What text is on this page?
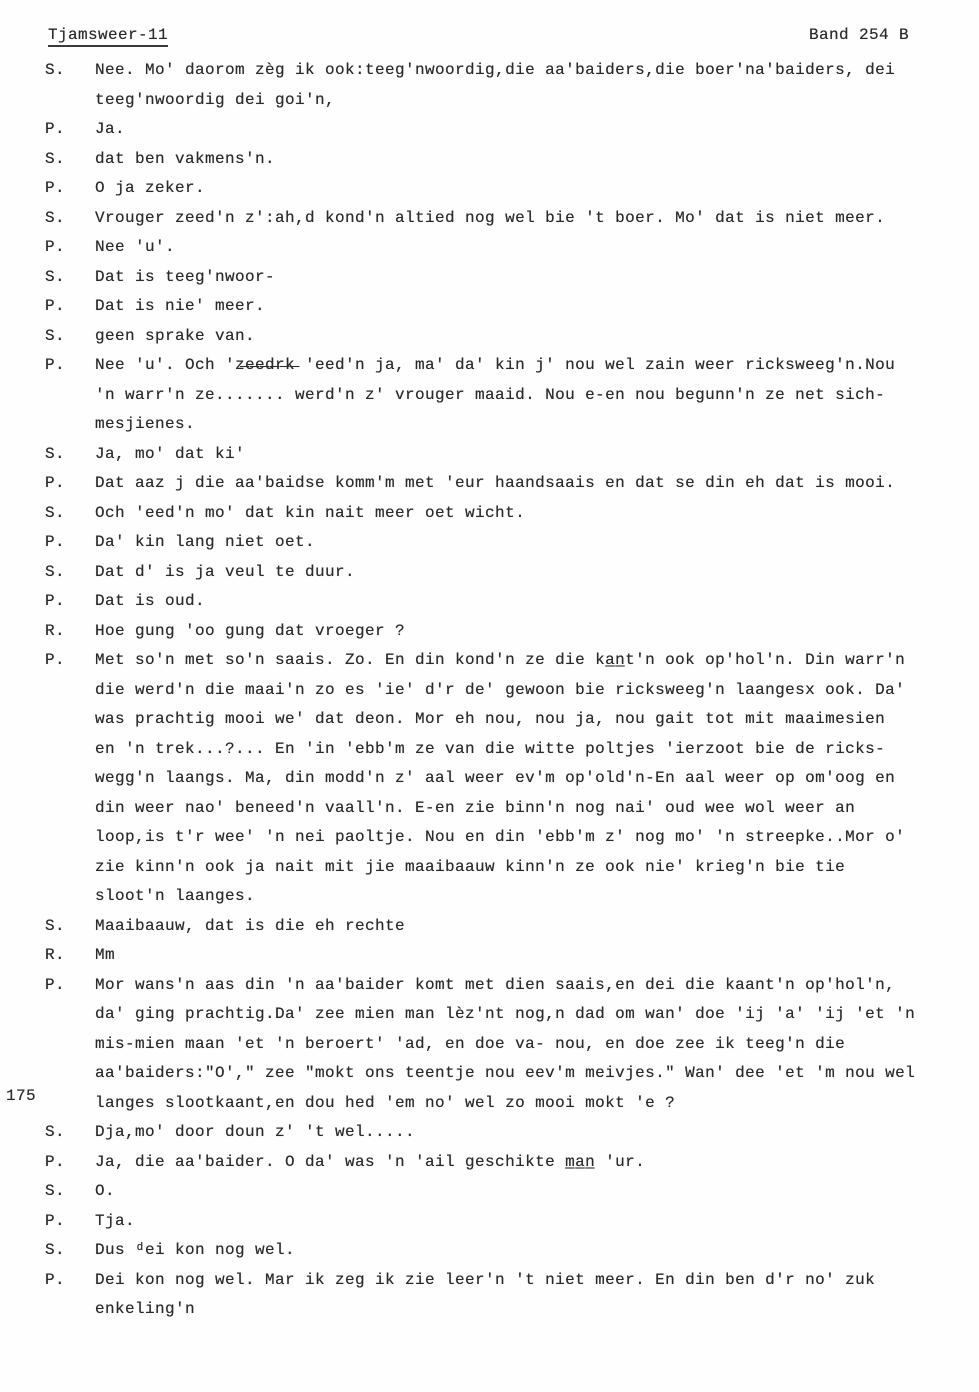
Tjamsweer-11	Band 254 B
175
S.	Nee. Mo' daorom zèg ik ook:teeg'nwoordig,die aa'baiders,die boer'na'baiders, dei
teeg'nwoordig dei goi'n,
P.	Ja.
S.	dat ben vakmens'n.
P.	O ja zeker.
S.	Vrouger zeed'n z':ah,d kond'n altied nog wel bie 't boer. Mo' dat is niet meer.
P.	Nee 'u'.
S.	Dat is teeg'nwoor-
P.	Dat is nie' meer.
S.	geen sprake van.
P.	Nee 'u'. Och 'z̶e̶e̶d̶r̶k̶ 'eed'n ja, ma' da' kin j' nou wel zain weer ricksweeg'n.Nou
'n warr'n ze....... werd'n z' vrouger maaid. Nou e-en nou begunn'n ze net sich-
mesjienes.
S.	Ja, mo' dat ki'
P.	Dat aaz j die aa'baidse komm'm met 'eur haandsaais en dat se din eh dat is mooi.
S.	Och 'eed'n mo' dat kin nait meer oet wicht.
P.	Da' kin lang niet oet.
S.	Dat d' is ja veul te duur.
P.	Dat is oud.
R.	Hoe gung 'oo gung dat vroeger ?
P.	Met so'n met so'n saais. Zo. En din kond'n ze die ka̲n̲t'n ook op'hol'n. Din warr'n
die werd'n die maai'n zo es 'ie' d'r de' gewoon bie ricksweeg'n laangesx ook. Da'
was prachtig mooi we' dat deon. Mor eh nou, nou ja, nou gait tot mit maaimesien
en 'n trek...?... En 'in 'ebb'm ze van die witte poltjes 'ierzoot bie de ricks-
wegg'n laangs. Ma, din modd'n z' aal weer ev'm op'old'n-En aal weer op om'oog en
din weer nao' beneed'n vaall'n. E-en zie binn'n nog nai' oud wee wol weer an
loop,is t'r wee' 'n nei paoltje. Nou en din 'ebb'm z' nog mo' 'n streepke..Mor o'
zie kinn'n ook ja nait mit jie maaibaauw kinn'n ze ook nie' krieg'n bie tie
sloot'n laanges.
S.	Maaibaauw, dat is die eh rechte
R.	Mm
P.	Mor wans'n aas din 'n aa'baider komt met dien saais,en dei die kaant'n op'hol'n,
da' ging prachtig.Da' zee mien man lèz'nt nog,n dad om wan' doe 'ij 'a' 'ij 'et 'n
mis-mien maan 'et 'n beroert' 'ad, en doe va- nou, en doe zee ik teeg'n die
aa'baiders:"O'," zee "mokt ons teentje nou eev'm meivjes." Wan' dee 'et 'm nou wel
langes slootkaant,en dou hed 'em no' wel zo mooi mokt 'e ?
S.	Dja,mo' door doun z' 't wel.....
P.	Ja, die aa'baider. O da' was 'n 'ail geschikte m̲a̲n̲ 'ur.
S.	O.
P.	Tja.
S.	Dus ᵈei kon nog wel.
P.	Dei kon nog wel. Mar ik zeg ik zie leer'n 't niet meer. En din ben d'r no' zuk
enkeling'n
